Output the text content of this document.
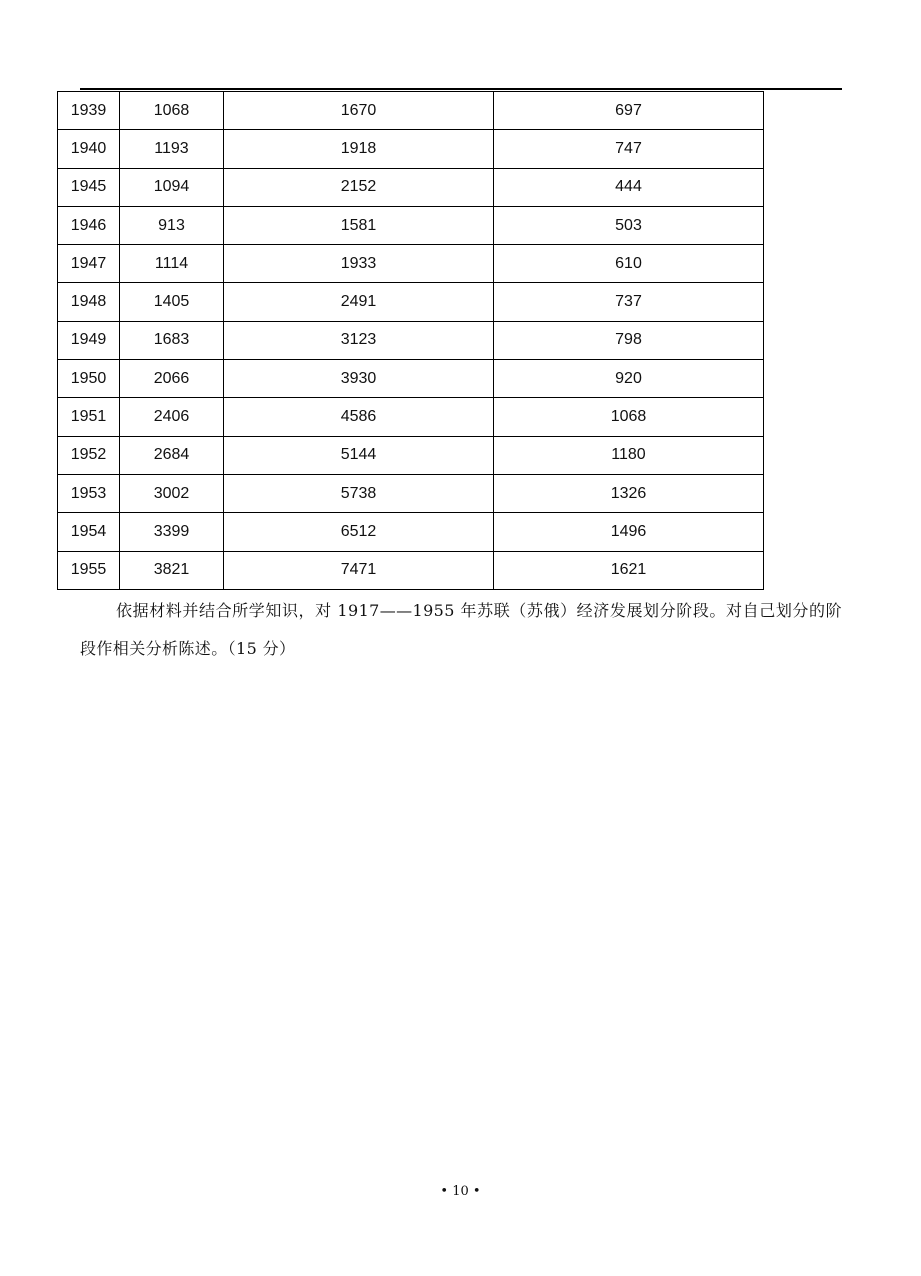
1939	1068	1670	697
1940	1193	1918	747
1945	1094	2152	444
1946	913	1581	503
1947	1114	1933	610
1948	1405	2491	737
1949	1683	3123	798
1950	2066	3930	920
1951	2406	4586	1068
1952	2684	5144	1180
1953	3002	5738	1326
1954	3399	6512	1496
1955	3821	7471	1621

依据材料并结合所学知识，对 1917——1955 年苏联（苏俄）经济发展划分阶段。对自己划分的阶段作相关分析陈述。（15 分）

• 10 •
